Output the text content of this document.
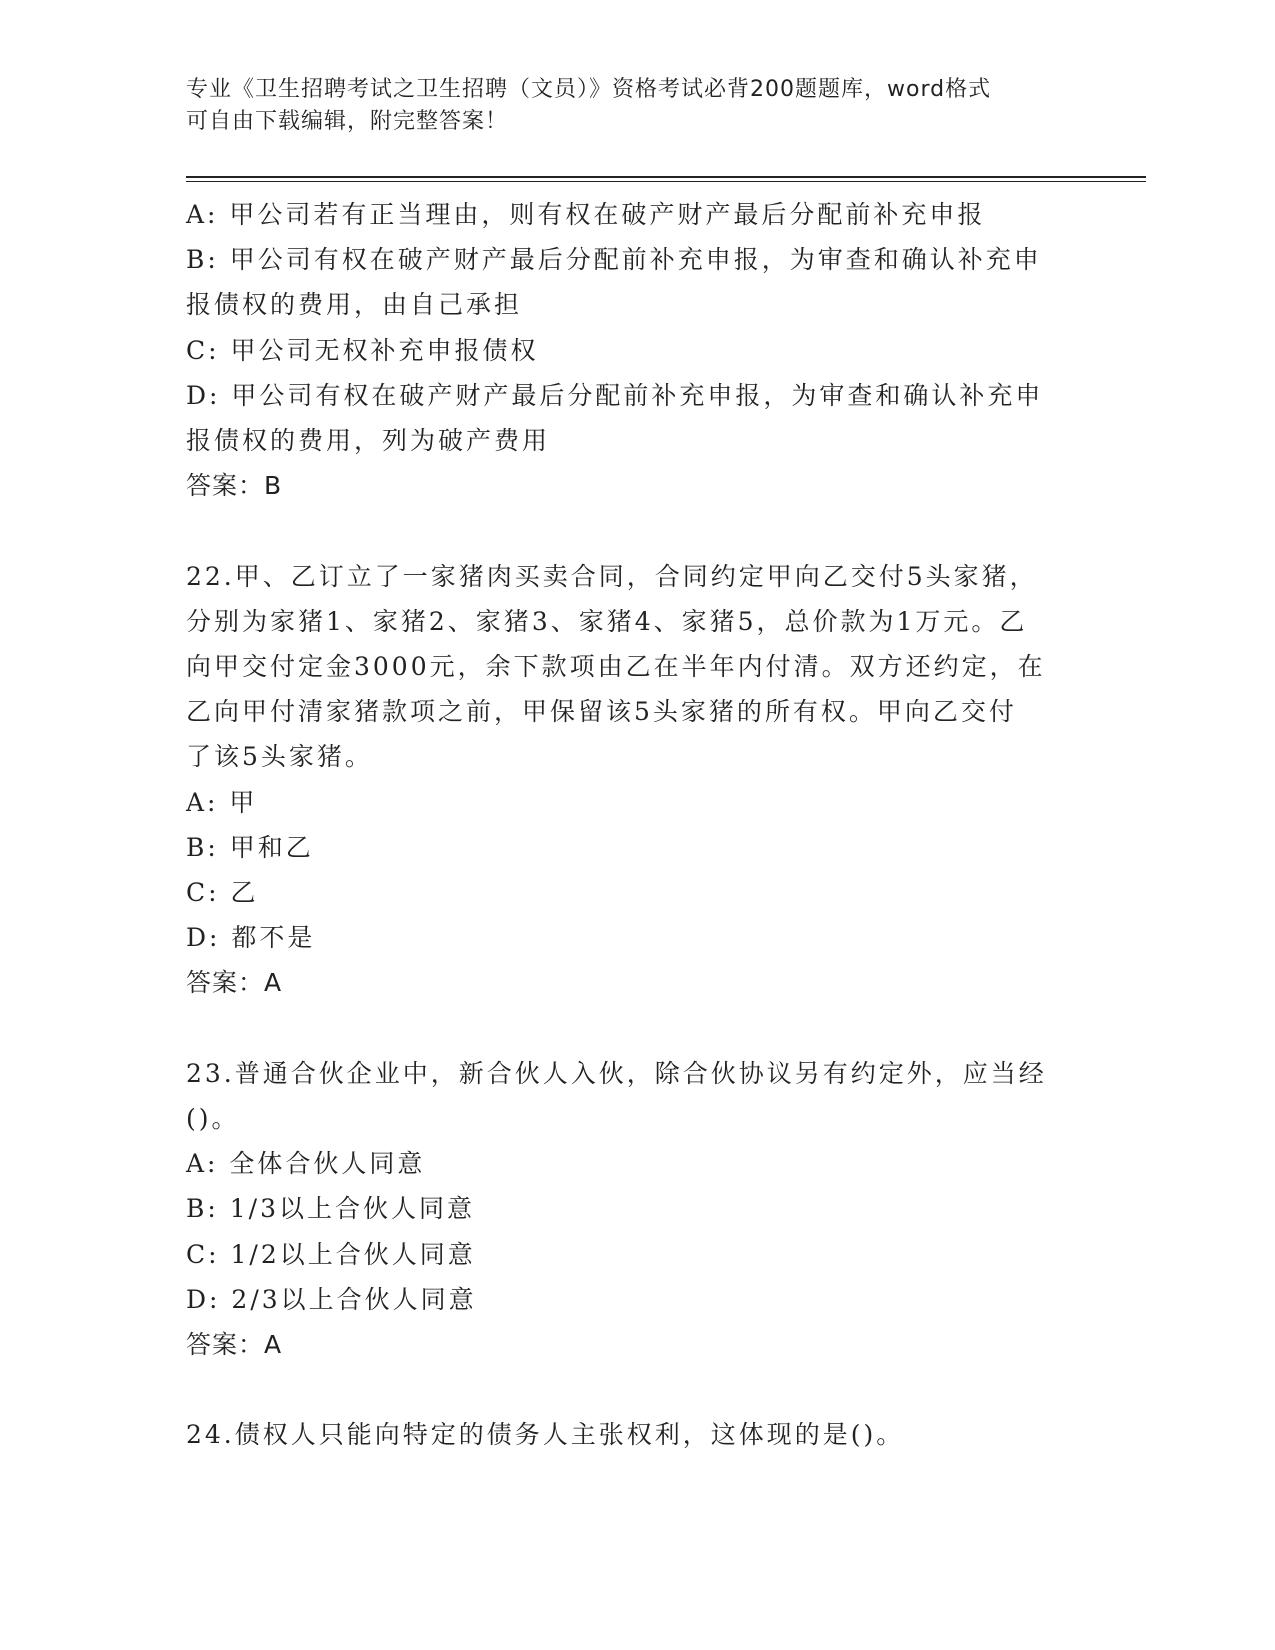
专业《卫生招聘考试之卫生招聘（文员）》资格考试必背200题题库，word格式
可自由下载编辑，附完整答案！
A: 甲公司若有正当理由，则有权在破产财产最后分配前补充申报
B: 甲公司有权在破产财产最后分配前补充申报，为审查和确认补充申
报债权的费用，由自己承担
C: 甲公司无权补充申报债权
D: 甲公司有权在破产财产最后分配前补充申报，为审查和确认补充申
报债权的费用，列为破产费用
答案：B
22.甲、乙订立了一家猪肉买卖合同，合同约定甲向乙交付5头家猪，
分别为家猪1、家猪2、家猪3、家猪4、家猪5，总价款为1万元。乙
向甲交付定金3000元，余下款项由乙在半年内付清。双方还约定，在
乙向甲付清家猪款项之前，甲保留该5头家猪的所有权。甲向乙交付
了该5头家猪。
A: 甲
B: 甲和乙
C: 乙
D: 都不是
答案：A
23.普通合伙企业中，新合伙人入伙，除合伙协议另有约定外，应当经
()。
A: 全体合伙人同意
B: 1/3以上合伙人同意
C: 1/2以上合伙人同意
D: 2/3以上合伙人同意
答案：A
24.债权人只能向特定的债务人主张权利，这体现的是()。
